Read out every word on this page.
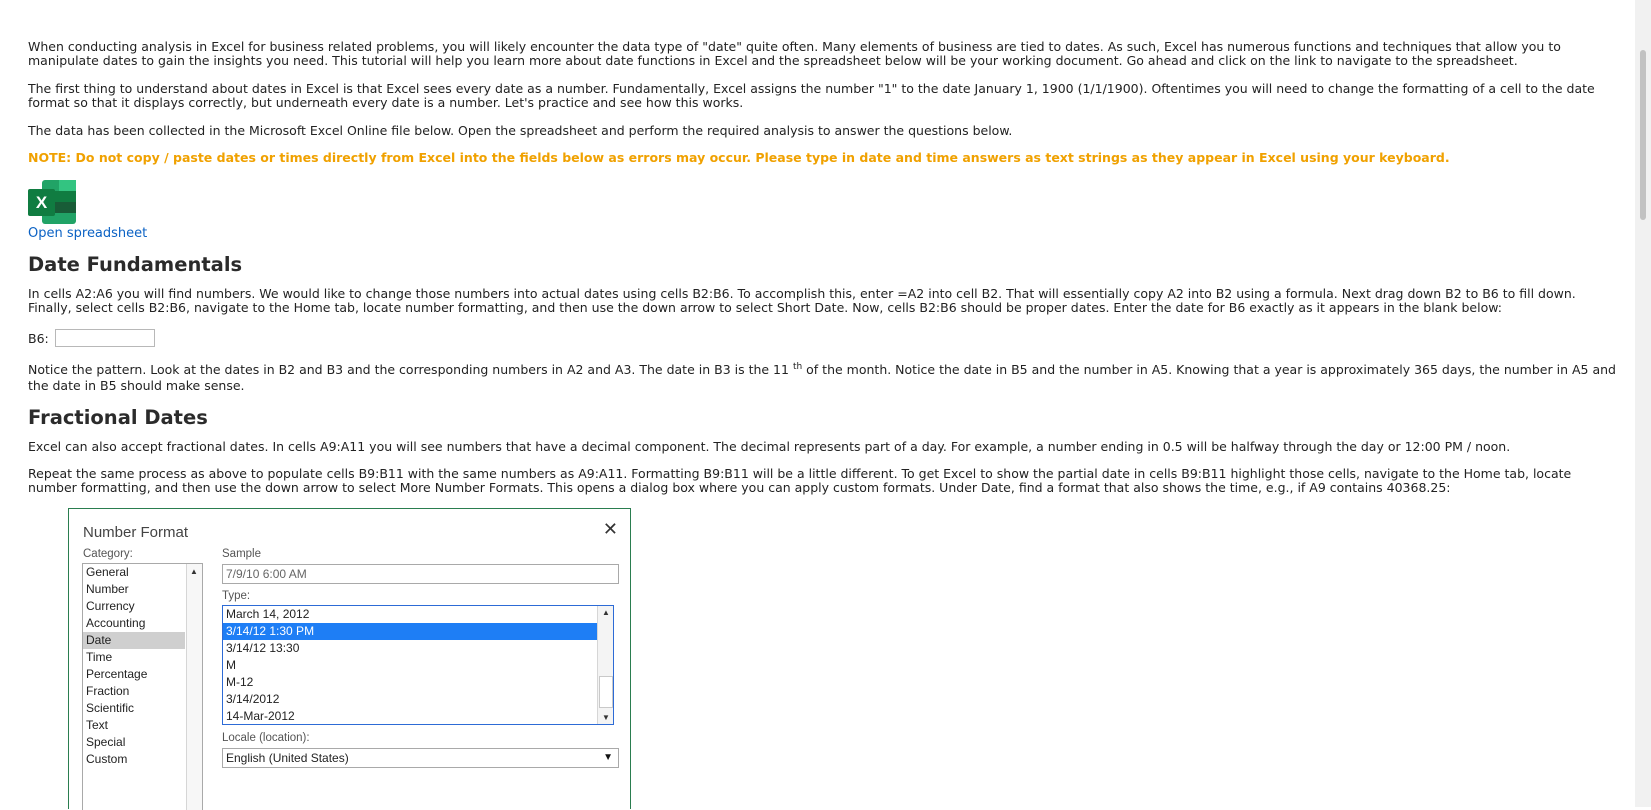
When conducting analysis in Excel for business related problems, you will likely encounter the data type of "date" quite often. Many elements of business are tied to dates. As such, Excel has numerous functions and techniques that allow you to manipulate dates to gain the insights you need. This tutorial will help you learn more about date functions in Excel and the spreadsheet below will be your working document. Go ahead and click on the link to navigate to the spreadsheet.

The first thing to understand about dates in Excel is that Excel sees every date as a number. Fundamentally, Excel assigns the number "1" to the date January 1, 1900 (1/1/1900). Oftentimes you will need to change the formatting of a cell to the date format so that it displays correctly, but underneath every date is a number. Let's practice and see how this works.

The data has been collected in the Microsoft Excel Online file below. Open the spreadsheet and perform the required analysis to answer the questions below.

NOTE: Do not copy / paste dates or times directly from Excel into the fields below as errors may occur. Please type in date and time answers as text strings as they appear in Excel using your keyboard.

X
Open spreadsheet
Date Fundamentals

In cells A2:A6 you will find numbers. We would like to change those numbers into actual dates using cells B2:B6. To accomplish this, enter =A2 into cell B2. That will essentially copy A2 into B2 using a formula. Next drag down B2 to B6 to fill down. Finally, select cells B2:B6, navigate to the Home tab, locate number formatting, and then use the down arrow to select Short Date. Now, cells B2:B6 should be proper dates. Enter the date for B6 exactly as it appears in the blank below:

B6:

Notice the pattern. Look at the dates in B2 and B3 and the corresponding numbers in A2 and A3. The date in B3 is the 11 $^{th}$ of the month. Notice the date in B5 and the number in A5. Knowing that a year is approximately 365 days, the number in A5 and the date in B5 should make sense.

Fractional Dates

Excel can also accept fractional dates. In cells A9:A11 you will see numbers that have a decimal component. The decimal represents part of a day. For example, a number ending in 0.5 will be halfway through the day or 12:00 PM / noon.

Repeat the same process as above to populate cells B9:B11 with the same numbers as A9:A11. Formatting B9:B11 will be a little different. To get Excel to show the partial date in cells B9:B11 highlight those cells, navigate to the Home tab, locate number formatting, and then use the down arrow to select More Number Formats. This opens a dialog box where you can apply custom formats. Under Date, find a format that also shows the time, e.g., if A9 contains 40368.25:

Number Format	✕
Category:
General
Number
Currency
Accounting
Date
Time
Percentage
Fraction
Scientific
Text
Special
Custom
▲
Sample
7/9/10 6:00 AM
Type:
March 14, 2012
3/14/12 1:30 PM
3/14/12 13:30
M
M-12
3/14/2012
14-Mar-2012
▲
▼
Locale (location):
English (United States)	▼
